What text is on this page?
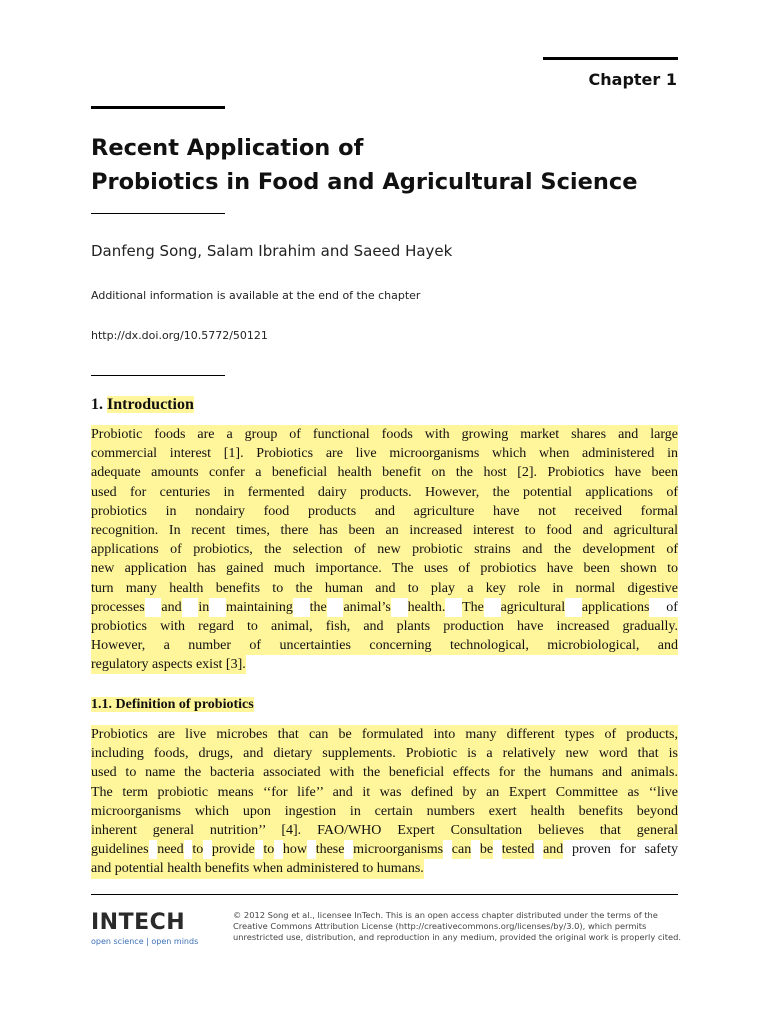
Chapter 1
Recent Application of
Probiotics in Food and Agricultural Science
Danfeng Song, Salam Ibrahim and Saeed Hayek
Additional information is available at the end of the chapter
http://dx.doi.org/10.5772/50121
1. Introduction
Probiotic foods are a group of functional foods with growing market shares and large
commercial interest [1]. Probiotics are live microorganisms which when administered in
adequate amounts confer a beneficial health benefit on the host [2]. Probiotics have been
used for centuries in fermented dairy products. However, the potential applications of
probiotics in nondairy food products and agriculture have not received formal
recognition. In recent times, there has been an increased interest to food and agricultural
applications of probiotics, the selection of new probiotic strains and the development of
new application has gained much importance. The uses of probiotics have been shown to
turn many health benefits to the human and to play a key role in normal digestive
processes and in maintaining the animal’s health. The agricultural applications of
probiotics with regard to animal, fish, and plants production have increased gradually.
However, a number of uncertainties concerning technological, microbiological, and
regulatory aspects exist [3].
1.1. Definition of probiotics
Probiotics are live microbes that can be formulated into many different types of products,
including foods, drugs, and dietary supplements. Probiotic is a relatively new word that is
used to name the bacteria associated with the beneficial effects for the humans and animals.
The term probiotic means ‘‘for life’’ and it was defined by an Expert Committee as ‘‘live
microorganisms which upon ingestion in certain numbers exert health benefits beyond
inherent general nutrition’’ [4]. FAO/WHO Expert Consultation believes that general
guidelines need to provide to how these microorganisms can be tested and proven for safety
and potential health benefits when administered to humans.
INTECH
open science | open minds
© 2012 Song et al., licensee InTech. This is an open access chapter distributed under the terms of the
Creative Commons Attribution License (http://creativecommons.org/licenses/by/3.0), which permits
unrestricted use, distribution, and reproduction in any medium, provided the original work is properly cited.
